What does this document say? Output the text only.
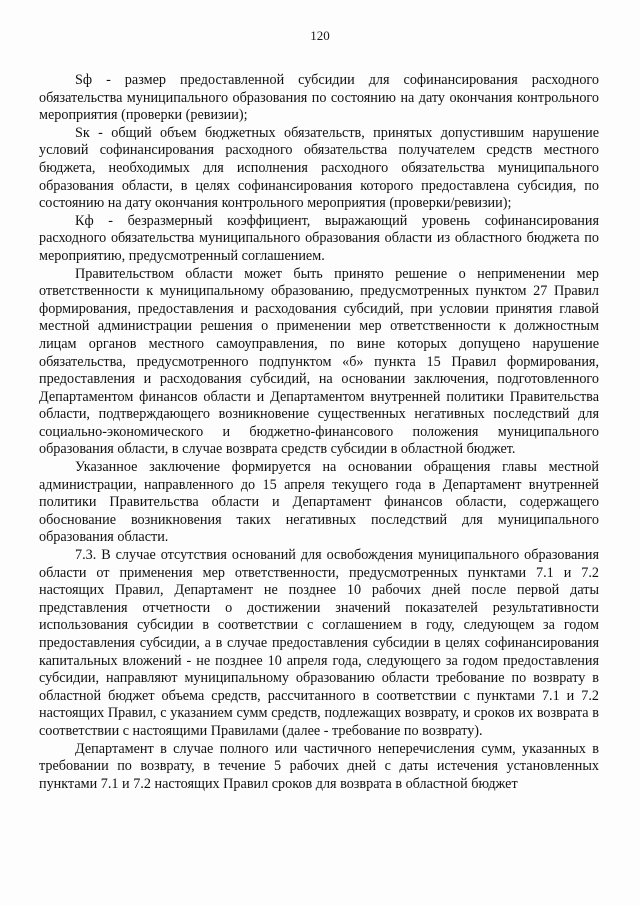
120

Sф - размер предоставленной субсидии для софинансирования расходного обязательства муниципального образования по состоянию на дату окончания контрольного мероприятия (проверки (ревизии);

Sк - общий объем бюджетных обязательств, принятых допустившим нарушение условий софинансирования расходного обязательства получателем средств местного бюджета, необходимых для исполнения расходного обязательства муниципального образования области, в целях софинансирования которого предоставлена субсидия, по состоянию на дату окончания контрольного мероприятия (проверки/ревизии);

Кф - безразмерный коэффициент, выражающий уровень софинансирования расходного обязательства муниципального образования области из областного бюджета по мероприятию, предусмотренный соглашением.

Правительством области может быть принято решение о неприменении мер ответственности к муниципальному образованию, предусмотренных пунктом 27 Правил формирования, предоставления и расходования субсидий, при условии принятия главой местной администрации решения о применении мер ответственности к должностным лицам органов местного самоуправления, по вине которых допущено нарушение обязательства, предусмотренного подпунктом «б» пункта 15 Правил формирования, предоставления и расходования субсидий, на основании заключения, подготовленного Департаментом финансов области и Департаментом внутренней политики Правительства области, подтверждающего возникновение существенных негативных последствий для социально-экономического и бюджетно-финансового положения муниципального образования области, в случае возврата средств субсидии в областной бюджет.

Указанное заключение формируется на основании обращения главы местной администрации, направленного до 15 апреля текущего года в Департамент внутренней политики Правительства области и Департамент финансов области, содержащего обоснование возникновения таких негативных последствий для муниципального образования области.

7.3. В случае отсутствия оснований для освобождения муниципального образования области от применения мер ответственности, предусмотренных пунктами 7.1 и 7.2 настоящих Правил, Департамент не позднее 10 рабочих дней после первой даты представления отчетности о достижении значений показателей результативности использования субсидии в соответствии с соглашением в году, следующем за годом предоставления субсидии, а в случае предоставления субсидии в целях софинансирования капитальных вложений - не позднее 10 апреля года, следующего за годом предоставления субсидии, направляют муниципальному образованию области требование по возврату в областной бюджет объема средств, рассчитанного в соответствии с пунктами 7.1 и 7.2 настоящих Правил, с указанием сумм средств, подлежащих возврату, и сроков их возврата в соответствии с настоящими Правилами (далее - требование по возврату).

Департамент в случае полного или частичного неперечисления сумм, указанных в требовании по возврату, в течение 5 рабочих дней с даты истечения установленных пунктами 7.1 и 7.2 настоящих Правил сроков для возврата в областной бюджет
